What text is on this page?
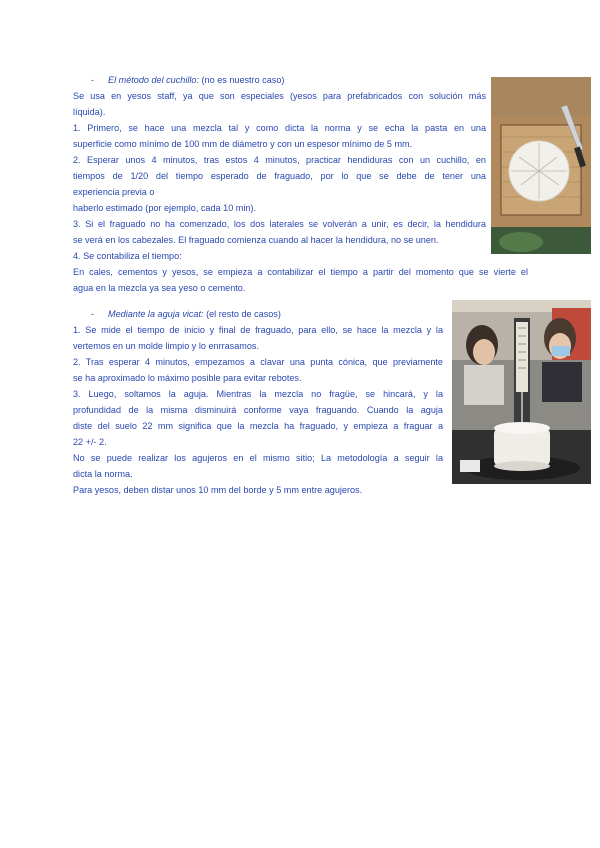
- El método del cuchillo: (no es nuestro caso)
Se usa en yesos staff, ya que son especiales (yesos para prefabricados con solución más
líquida).
1. Primero, se hace una mezcla tal y como dicta la norma y se echa la pasta en una
superficie como mínimo de 100 mm de diámetro y con un espesor mínimo de 5 mm.
2. Esperar unos 4 minutos, tras estos 4 minutos, practicar hendiduras con un cuchillo, en
tiempos de 1/20 del tiempo esperado de fraguado, por lo que se debe de tener una
experiencia previa o
haberlo estimado (por ejemplo, cada 10 min).
3. Si el fraguado no ha comenzado, los dos laterales se volverán a unir, es decir, la hendidura
se verá en los cabezales. El fraguado comienza cuando al hacer la hendidura, no se unen.
4. Se contabiliza el tiempo:
En cales, cementos y yesos, se empieza a contabilizar el tiempo a partir del momento que se vierte el
agua en la mezcla ya sea yeso o cemento.
- Mediante la aguja vicat: (el resto de casos)
1. Se mide el tiempo de inicio y final de fraguado, para ello, se hace la mezcla y la
vertemos en un molde limpio y lo enrrasamos.
2. Tras esperar 4 minutos, empezamos a clavar una punta cónica, que previamente
se ha aproximado lo máximo posible para evitar rebotes.
3. Luego, soltamos la aguja. Mientras la mezcla no fragüe, se hincará, y la
profundidad de la misma disminuirá conforme vaya fraguando. Cuando la aguja
diste del suelo 22 mm significa que la mezcla ha fraguado, y empieza a fraguar a
22 +/- 2.
No se puede realizar los agujeros en el mismo sitio; La metodología a seguir la
dicta la norma.
Para yesos, deben distar unos 10 mm del borde y 5 mm entre agujeros.
